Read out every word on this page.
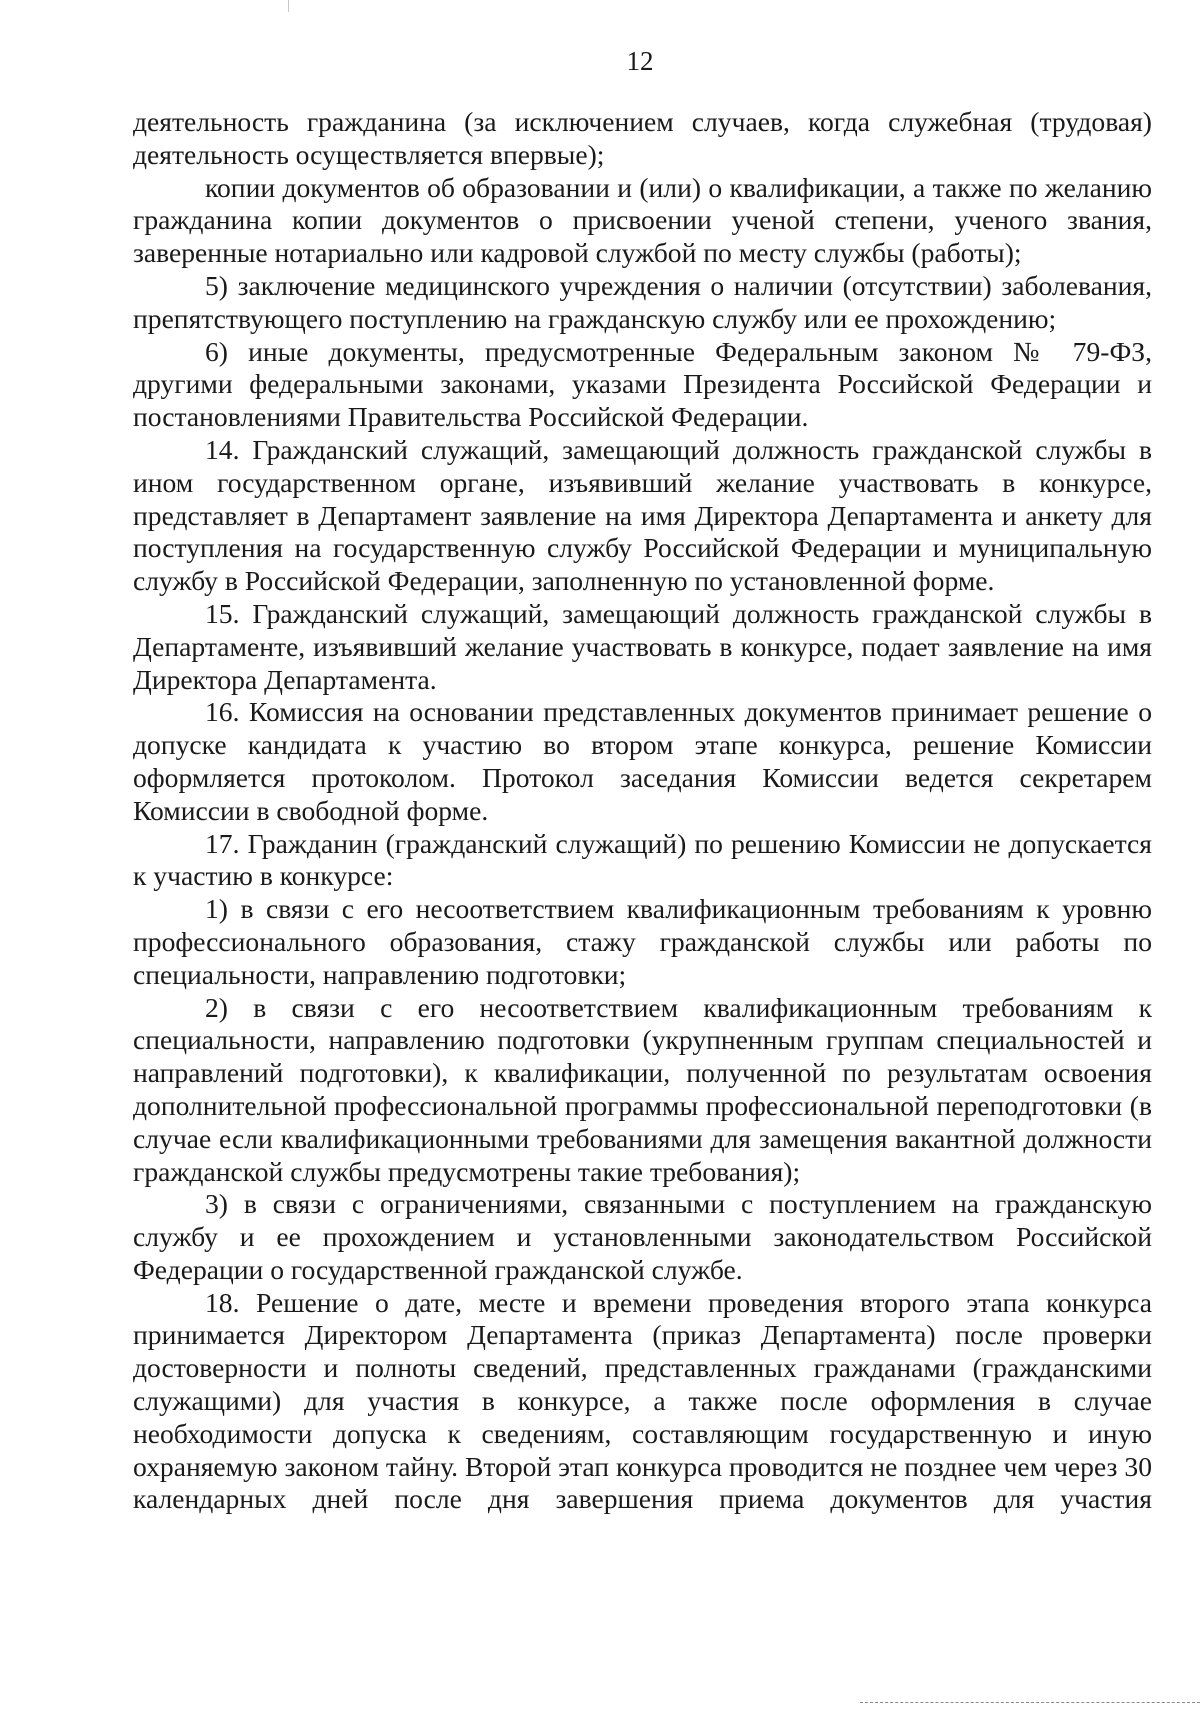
12

деятельность гражданина (за исключением случаев, когда служебная (трудовая) деятельность осуществляется впервые);

копии документов об образовании и (или) о квалификации, а также по желанию гражданина копии документов о присвоении ученой степени, ученого звания, заверенные нотариально или кадровой службой по месту службы (работы);

5) заключение медицинского учреждения о наличии (отсутствии) заболевания, препятствующего поступлению на гражданскую службу или ее прохождению;

6) иные документы, предусмотренные Федеральным законом № 79-ФЗ, другими федеральными законами, указами Президента Российской Федерации и постановлениями Правительства Российской Федерации.

14. Гражданский служащий, замещающий должность гражданской службы в ином государственном органе, изъявивший желание участвовать в конкурсе, представляет в Департамент заявление на имя Директора Департамента и анкету для поступления на государственную службу Российской Федерации и муниципальную службу в Российской Федерации, заполненную по установленной форме.

15. Гражданский служащий, замещающий должность гражданской службы в Департаменте, изъявивший желание участвовать в конкурсе, подает заявление на имя Директора Департамента.

16. Комиссия на основании представленных документов принимает решение о допуске кандидата к участию во втором этапе конкурса, решение Комиссии оформляется протоколом. Протокол заседания Комиссии ведется секретарем Комиссии в свободной форме.

17. Гражданин (гражданский служащий) по решению Комиссии не допускается к участию в конкурсе:

1) в связи с его несоответствием квалификационным требованиям к уровню профессионального образования, стажу гражданской службы или работы по специальности, направлению подготовки;

2) в связи с его несоответствием квалификационным требованиям к специальности, направлению подготовки (укрупненным группам специальностей и направлений подготовки), к квалификации, полученной по результатам освоения дополнительной профессиональной программы профессиональной переподготовки (в случае если квалификационными требованиями для замещения вакантной должности гражданской службы предусмотрены такие требования);

3) в связи с ограничениями, связанными с поступлением на гражданскую службу и ее прохождением и установленными законодательством Российской Федерации о государственной гражданской службе.

18. Решение о дате, месте и времени проведения второго этапа конкурса принимается Директором Департамента (приказ Департамента) после проверки достоверности и полноты сведений, представленных гражданами (гражданскими служащими) для участия в конкурсе, а также после оформления в случае необходимости допуска к сведениям, составляющим государственную и иную охраняемую законом тайну. Второй этап конкурса проводится не позднее чем через 30 календарных дней после дня завершения приема документов для участия
